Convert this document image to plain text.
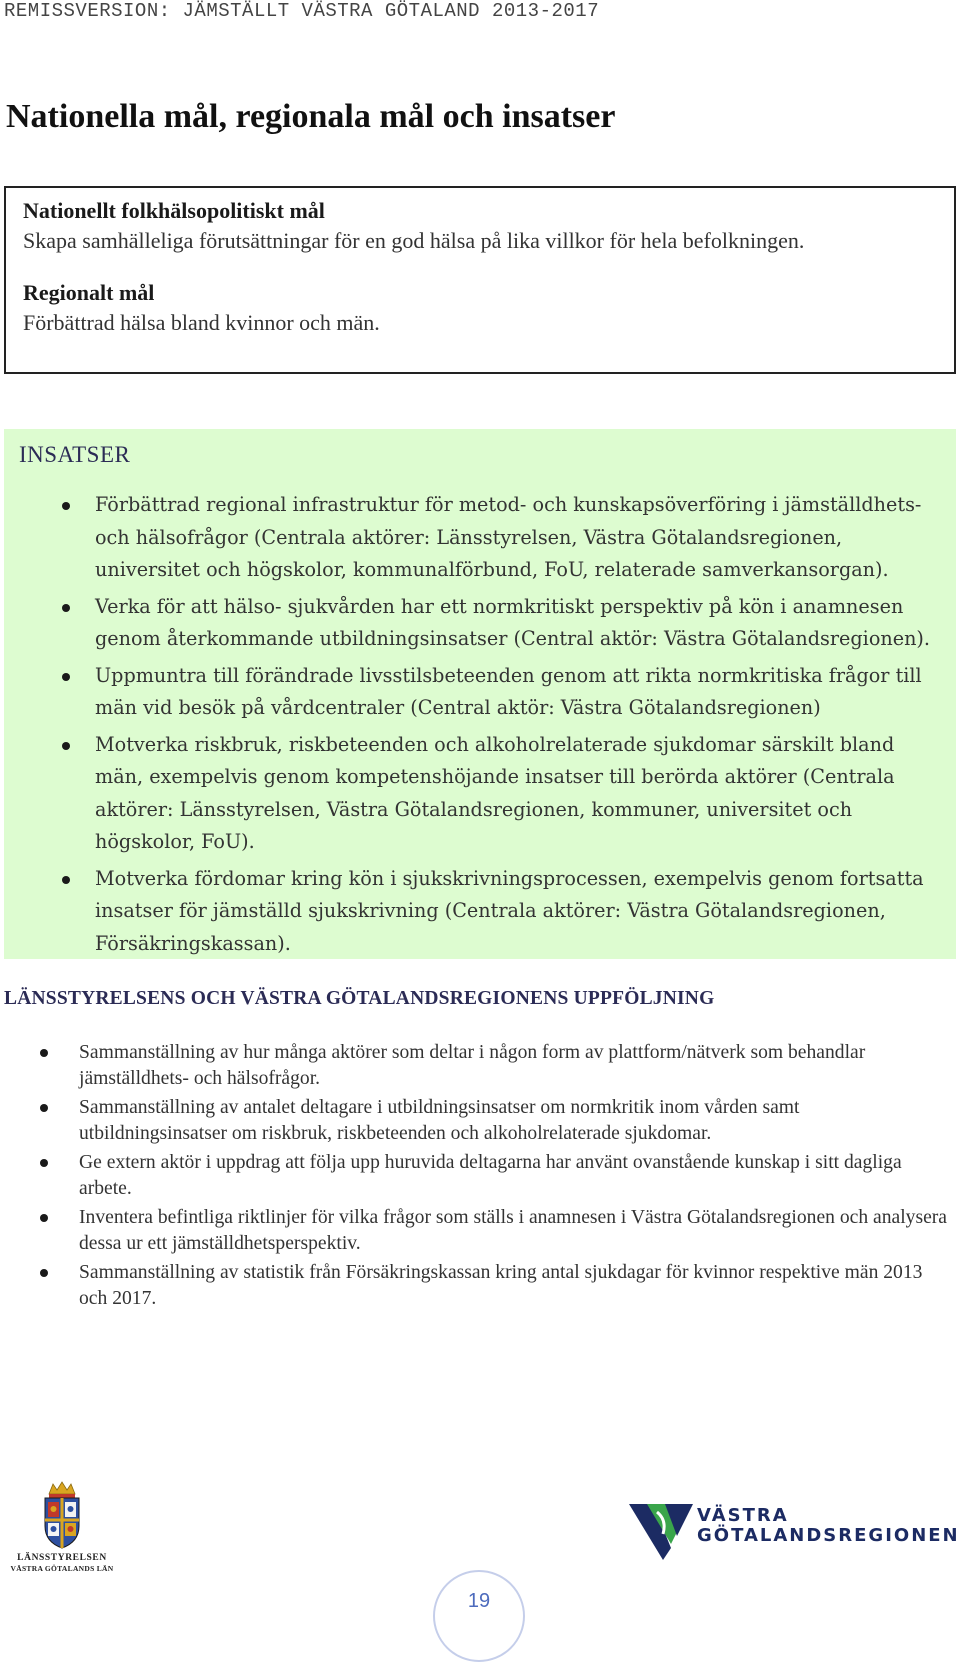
REMISSVERSION: JÄMSTÄLLT VÄSTRA GÖTALAND 2013-2017
Nationella mål, regionala mål och insatser

Nationellt folkhälsopolitiskt mål

Skapa samhälleliga förutsättningar för en god hälsa på lika villkor för hela befolkningen.

Regionalt mål

Förbättrad hälsa bland kvinnor och män.

INSATSER
Förbättrad regional infrastruktur för metod- och kunskapsöverföring i jämställdhets- och hälsofrågor (Centrala aktörer: Länsstyrelsen, Västra Götalandsregionen, universitet och högskolor, kommunalförbund, FoU, relaterade samverkansorgan).
Verka för att hälso- sjukvården har ett normkritiskt perspektiv på kön i anamnesen genom återkommande utbildningsinsatser (Central aktör: Västra Götalandsregionen).
Uppmuntra till förändrade livsstilsbeteenden genom att rikta normkritiska frågor till män vid besök på vårdcentraler (Central aktör: Västra Götalandsregionen)
Motverka riskbruk, riskbeteenden och alkoholrelaterade sjukdomar särskilt bland män, exempelvis genom kompetenshöjande insatser till berörda aktörer (Centrala aktörer: Länsstyrelsen, Västra Götalandsregionen, kommuner, universitet och högskolor, FoU).
Motverka fördomar kring kön i sjukskrivningsprocessen, exempelvis genom fortsatta insatser för jämställd sjukskrivning (Centrala aktörer: Västra Götalandsregionen, Försäkringskassan).
LÄNSSTYRELSENS OCH VÄSTRA GÖTALANDSREGIONENS UPPFÖLJNING
Sammanställning av hur många aktörer som deltar i någon form av plattform/nätverk som behandlar jämställdhets- och hälsofrågor.
Sammanställning av antalet deltagare i utbildningsinsatser om normkritik inom vården samt utbildningsinsatser om riskbruk, riskbeteenden och alkoholrelaterade sjukdomar.
Ge extern aktör i uppdrag att följa upp huruvida deltagarna har använt ovanstående kunskap i sitt dagliga arbete.
Inventera befintliga riktlinjer för vilka frågor som ställs i anamnesen i Västra Götalandsregionen och analysera dessa ur ett jämställdhetsperspektiv.
Sammanställning av statistik från Försäkringskassan kring antal sjukdagar för kvinnor respektive män 2013 och 2017.
LÄNSSTYRELSEN
VÄSTRA GÖTALANDS LÄN
VÄSTRA
GÖTALANDSREGIONEN
19
